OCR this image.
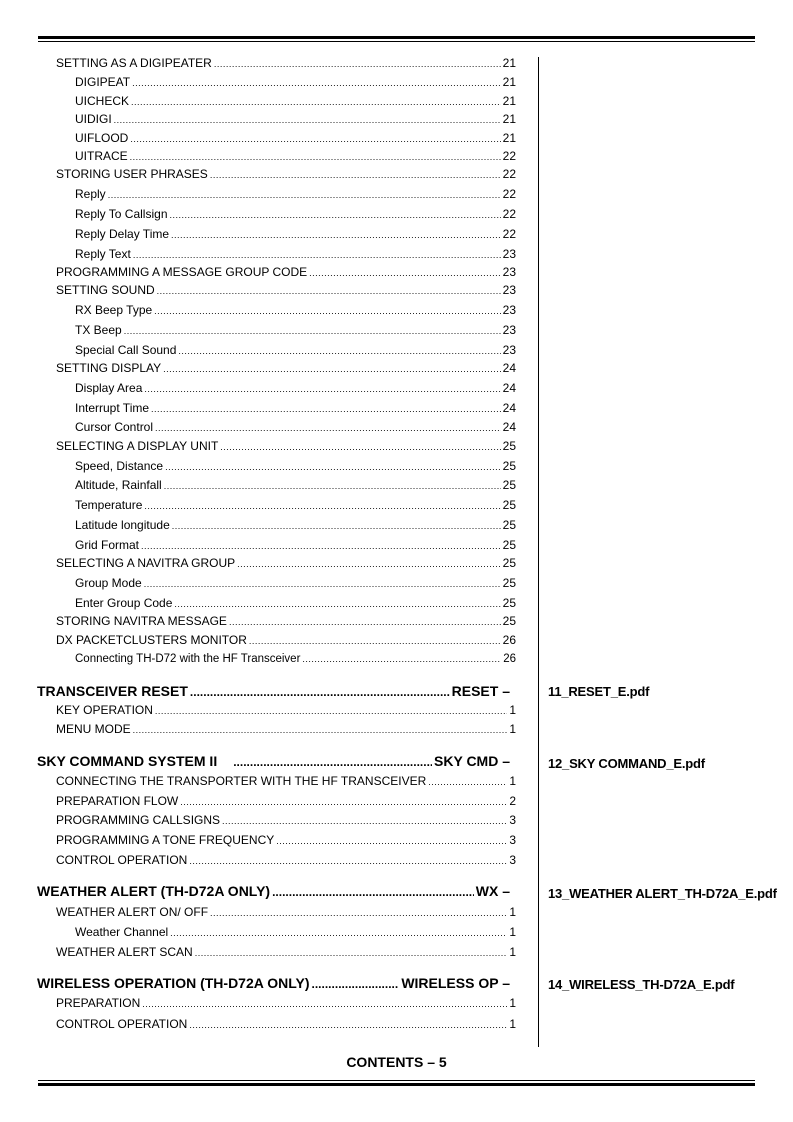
SETTING AS A DIGIPEATER .....	21
DIGIPEAT .....	21
UICHECK .....	21
UIDIGI .....	21
UIFLOOD .....	21
UITRACE .....	22
STORING USER PHRASES .....	22
Reply .....	22
Reply To Callsign .....	22
Reply Delay Time .....	22
Reply Text .....	23
PROGRAMMING A MESSAGE GROUP CODE .....	23
SETTING SOUND .....	23
RX Beep Type .....	23
TX Beep .....	23
Special Call Sound .....	23
SETTING DISPLAY .....	24
Display Area .....	24
Interrupt Time .....	24
Cursor Control .....	24
SELECTING A DISPLAY UNIT .....	25
Speed, Distance .....	25
Altitude, Rainfall .....	25
Temperature .....	25
Latitude longitude .....	25
Grid Format .....	25
SELECTING A NAVITRA GROUP .....	25
Group Mode .....	25
Enter Group Code .....	25
STORING NAVITRA MESSAGE .....	25
DX PACKETCLUSTERS MONITOR .....	26
Connecting TH-D72 with the HF Transceiver .....	26
TRANSCEIVER RESET .....	RESET –	11_RESET_E.pdf
KEY OPERATION .....	1
MENU MODE .....	1
SKY COMMAND SYSTEM II .....	SKY CMD –	12_SKY COMMAND_E.pdf
CONNECTING THE TRANSPORTER WITH THE HF TRANSCEIVER .....	1
PREPARATION FLOW .....	2
PROGRAMMING CALLSIGNS .....	3
PROGRAMMING A TONE FREQUENCY .....	3
CONTROL OPERATION .....	3
WEATHER ALERT (TH-D72A ONLY) .....	WX –	13_WEATHER ALERT_TH-D72A_E.pdf
WEATHER ALERT ON/ OFF .....	1
Weather Channel .....	1
WEATHER ALERT SCAN .....	1
WIRELESS OPERATION (TH-D72A ONLY) .....	WIRELESS OP –	14_WIRELESS_TH-D72A_E.pdf
PREPARATION .....	1
CONTROL OPERATION .....	1
CONTENTS – 5
